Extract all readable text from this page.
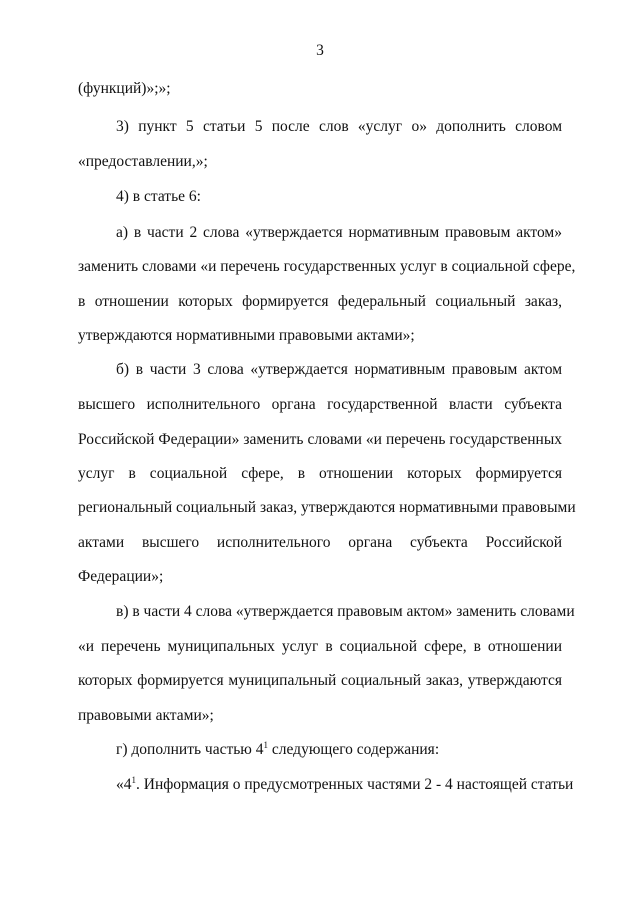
3
(функций)»;»;
3) пункт 5 статьи 5 после слов «услуг о» дополнить словом
«предоставлении,»;
4) в статье 6:
а) в части 2 слова «утверждается нормативным правовым актом»
заменить словами «и перечень государственных услуг в социальной сфере,
в отношении которых формируется федеральный социальный заказ,
утверждаются нормативными правовыми актами»;
б) в части 3 слова «утверждается нормативным правовым актом
высшего исполнительного органа государственной власти субъекта
Российской Федерации» заменить словами «и перечень государственных
услуг в социальной сфере, в отношении которых формируется
региональный социальный заказ, утверждаются нормативными правовыми
актами высшего исполнительного органа субъекта Российской
Федерации»;
в) в части 4 слова «утверждается правовым актом» заменить словами
«и перечень муниципальных услуг в социальной сфере, в отношении
которых формируется муниципальный социальный заказ, утверждаются
правовыми актами»;
г) дополнить частью $4^1$ следующего содержания:
«$4^1$. Информация о предусмотренных частями 2 - 4 настоящей статьи
